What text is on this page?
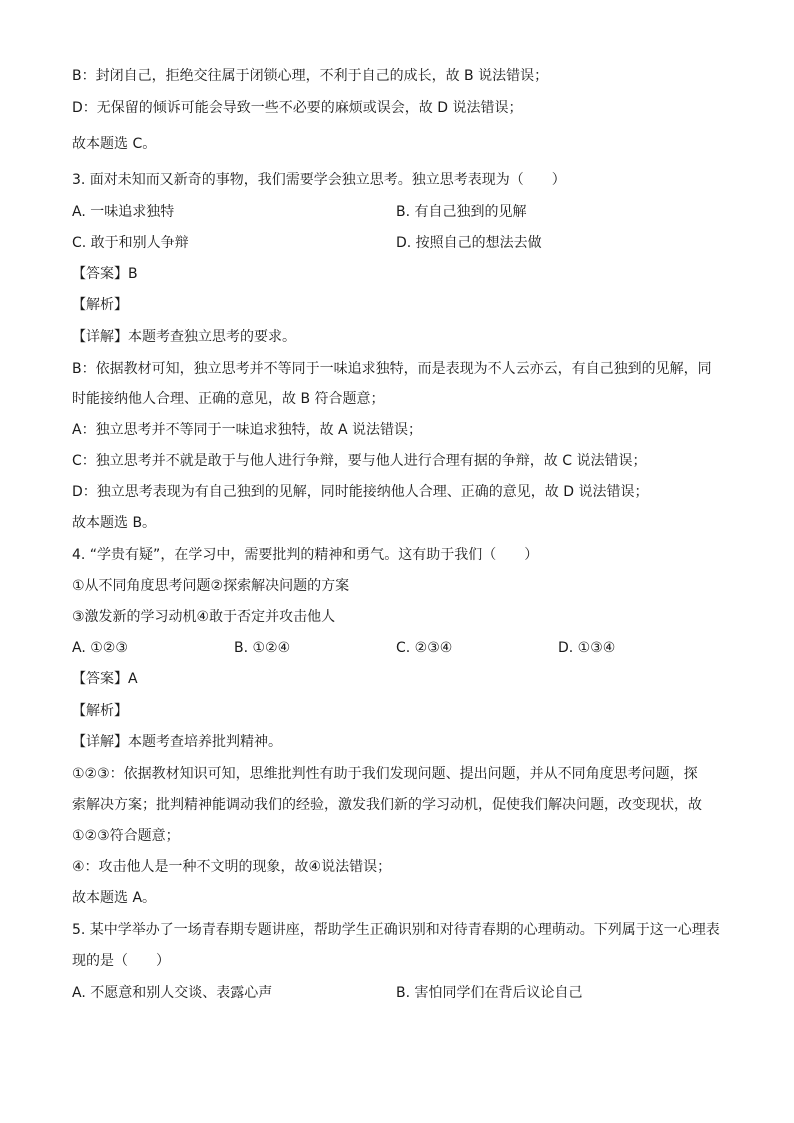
B：封闭自己，拒绝交往属于闭锁心理，不利于自己的成长，故 B 说法错误；
D：无保留的倾诉可能会导致一些不必要的麻烦或误会，故 D 说法错误；
故本题选 C。
3. 面对未知而又新奇的事物，我们需要学会独立思考。独立思考表现为（　　）
A. 一味追求独特	B. 有自己独到的见解
C. 敢于和别人争辩	D. 按照自己的想法去做
【答案】B
【解析】
【详解】本题考查独立思考的要求。
B：依据教材可知，独立思考并不等同于一味追求独特，而是表现为不人云亦云，有自己独到的见解，同
时能接纳他人合理、正确的意见，故 B 符合题意；
A：独立思考并不等同于一味追求独特，故 A 说法错误；
C：独立思考并不就是敢于与他人进行争辩，要与他人进行合理有据的争辩，故 C 说法错误；
D：独立思考表现为有自己独到的见解，同时能接纳他人合理、正确的意见，故 D 说法错误；
故本题选 B。
4. “学贵有疑”，在学习中，需要批判的精神和勇气。这有助于我们（　　）
①从不同角度思考问题②探索解决问题的方案
③激发新的学习动机④敢于否定并攻击他人
A. ①②③	B. ①②④	C. ②③④	D. ①③④
【答案】A
【解析】
【详解】本题考查培养批判精神。
①②③：依据教材知识可知，思维批判性有助于我们发现问题、提出问题，并从不同角度思考问题，探
索解决方案；批判精神能调动我们的经验，激发我们新的学习动机，促使我们解决问题，改变现状，故
①②③符合题意；
④：攻击他人是一种不文明的现象，故④说法错误；
故本题选 A。
5. 某中学举办了一场青春期专题讲座，帮助学生正确识别和对待青春期的心理萌动。下列属于这一心理表
现的是（　　）
A. 不愿意和别人交谈、表露心声	B. 害怕同学们在背后议论自己
